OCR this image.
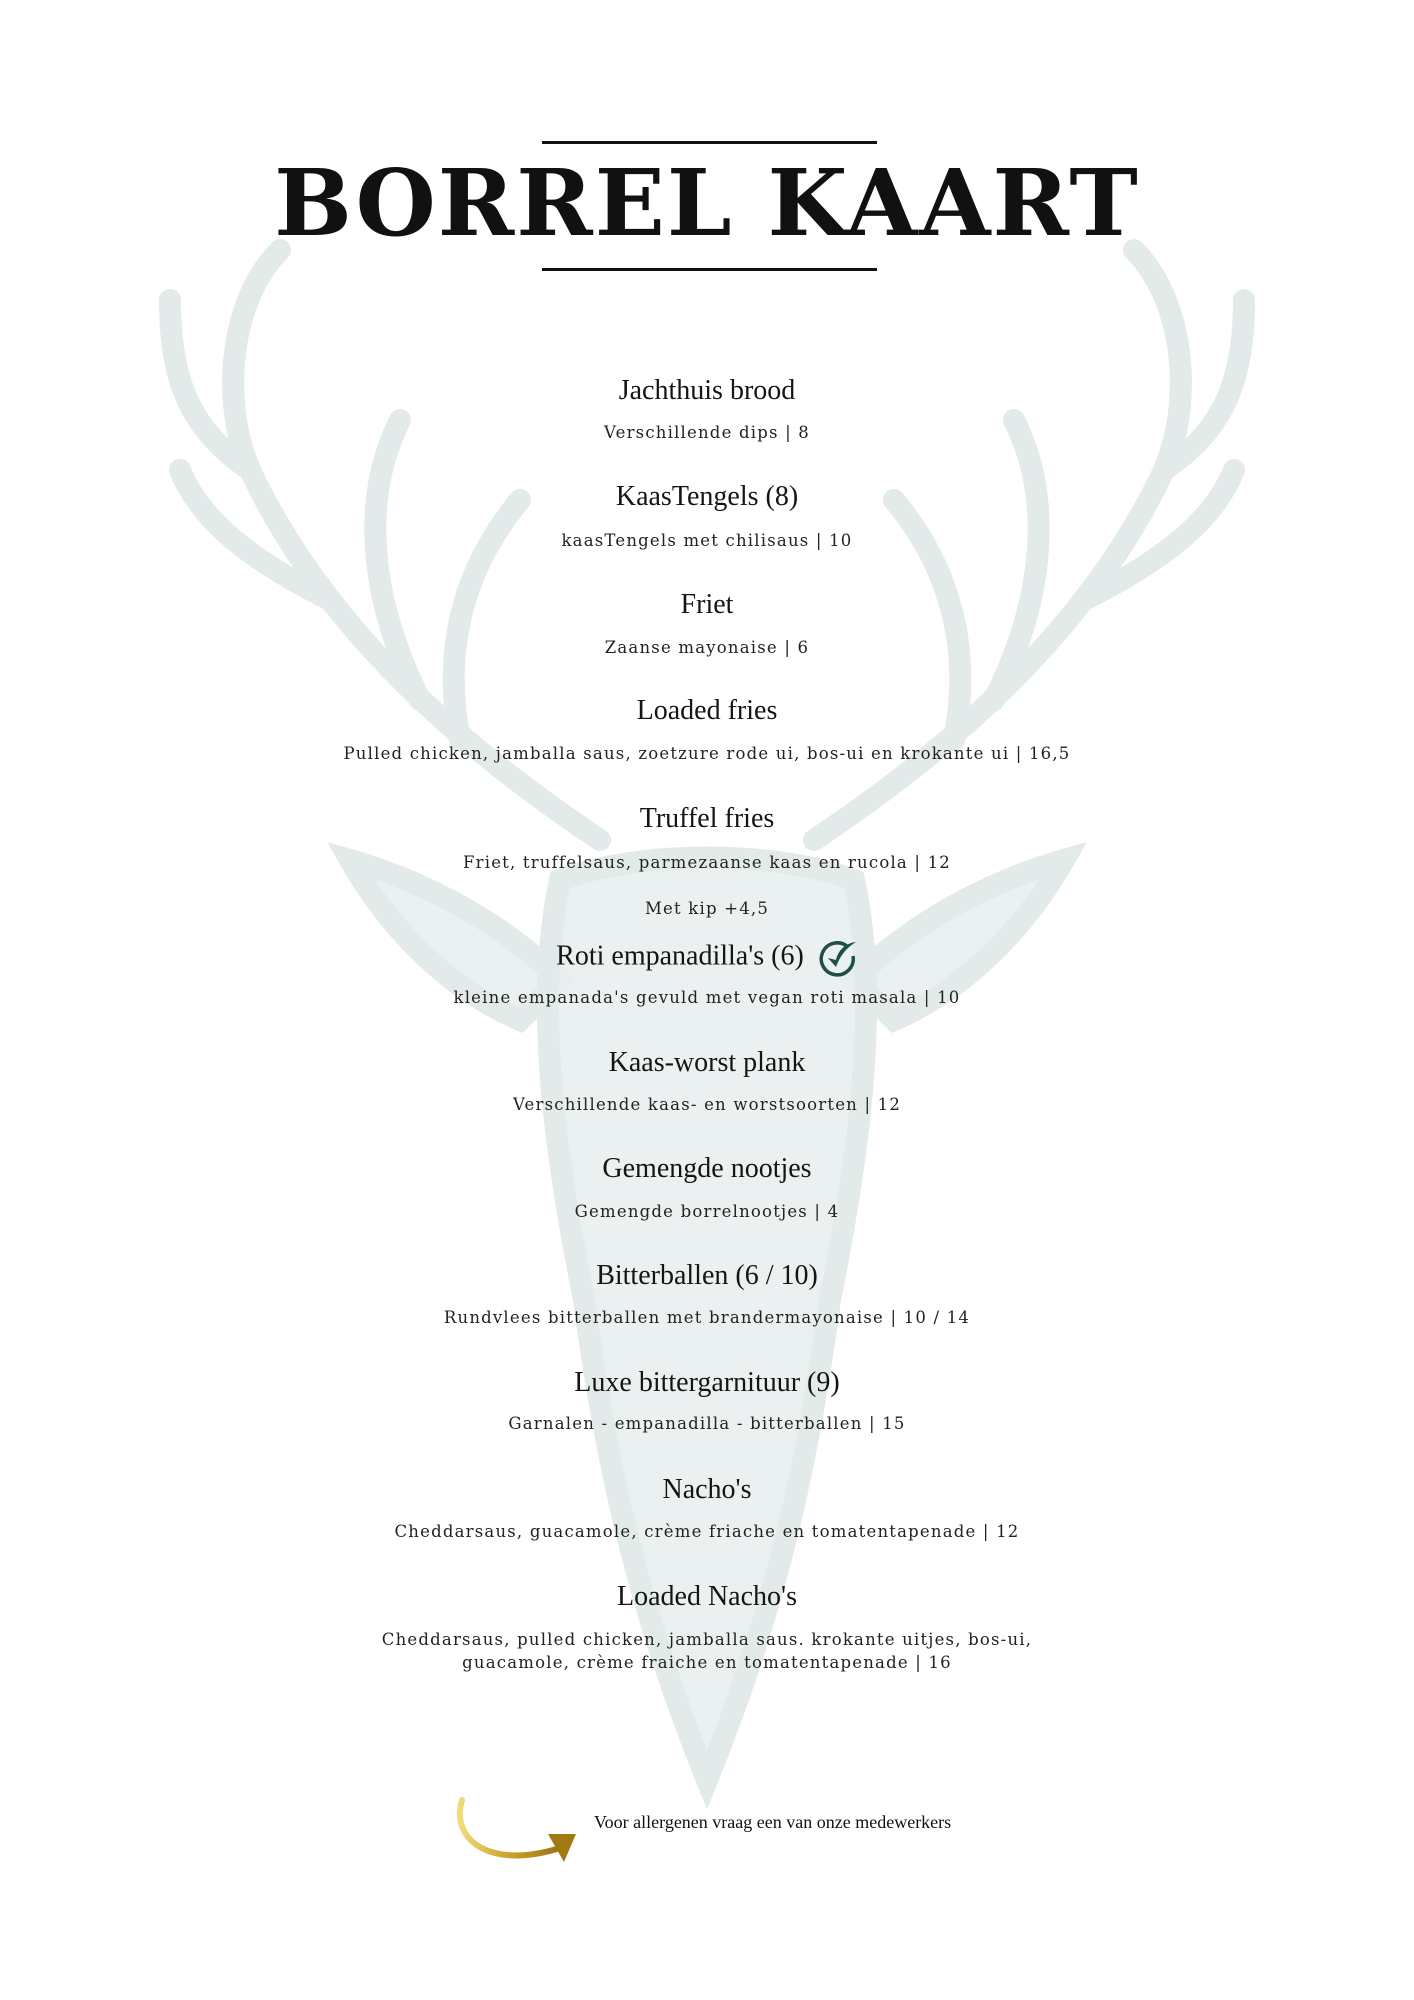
BORREL KAART
Jachthuis brood
Verschillende dips | 8
KaasTengels (8)
kaasTengels met chilisaus | 10
Friet
Zaanse mayonaise | 6
Loaded fries
Pulled chicken, jamballa saus, zoetzure rode ui, bos-ui en krokante ui | 16,5
Truffel fries
Friet, truffelsaus, parmezaanse kaas en rucola | 12
Met kip +4,5
Roti empanadilla's (6)
kleine empanada's gevuld met vegan roti masala | 10
Kaas-worst plank
Verschillende kaas- en worstsoorten | 12
Gemengde nootjes
Gemengde borrelnootjes | 4
Bitterballen (6 / 10)
Rundvlees bitterballen met brandermayonaise | 10 / 14
Luxe bittergarnituur (9)
Garnalen - empanadilla - bitterballen | 15
Nacho's
Cheddarsaus, guacamole, crème friache en tomatentapenade | 12
Loaded Nacho's
Cheddarsaus, pulled chicken, jamballa saus. krokante uitjes, bos-ui,
guacamole, crème fraiche en tomatentapenade | 16
Voor allergenen vraag een van onze medewerkers
